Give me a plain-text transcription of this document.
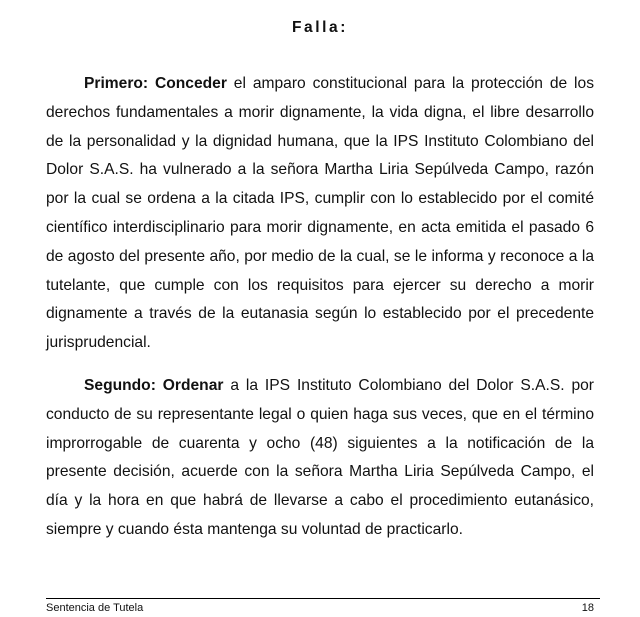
Falla:

Primero: Conceder el amparo constitucional para la protección de los derechos fundamentales a morir dignamente, la vida digna, el libre desarrollo de la personalidad y la dignidad humana, que la IPS Instituto Colombiano del Dolor S.A.S. ha vulnerado a la señora Martha Liria Sepúlveda Campo, razón por la cual se ordena a la citada IPS, cumplir con lo establecido por el comité científico interdisciplinario para morir dignamente, en acta emitida el pasado 6 de agosto del presente año, por medio de la cual, se le informa y reconoce a la tutelante, que cumple con los requisitos para ejercer su derecho a morir dignamente a través de la eutanasia según lo establecido por el precedente jurisprudencial.

Segundo: Ordenar a la IPS Instituto Colombiano del Dolor S.A.S. por conducto de su representante legal o quien haga sus veces, que en el término improrrogable de cuarenta y ocho (48) siguientes a la notificación de la presente decisión, acuerde con la señora Martha Liria Sepúlveda Campo, el día y la hora en que habrá de llevarse a cabo el procedimiento eutanásico, siempre y cuando ésta mantenga su voluntad de practicarlo.

Sentencia de Tutela	18
